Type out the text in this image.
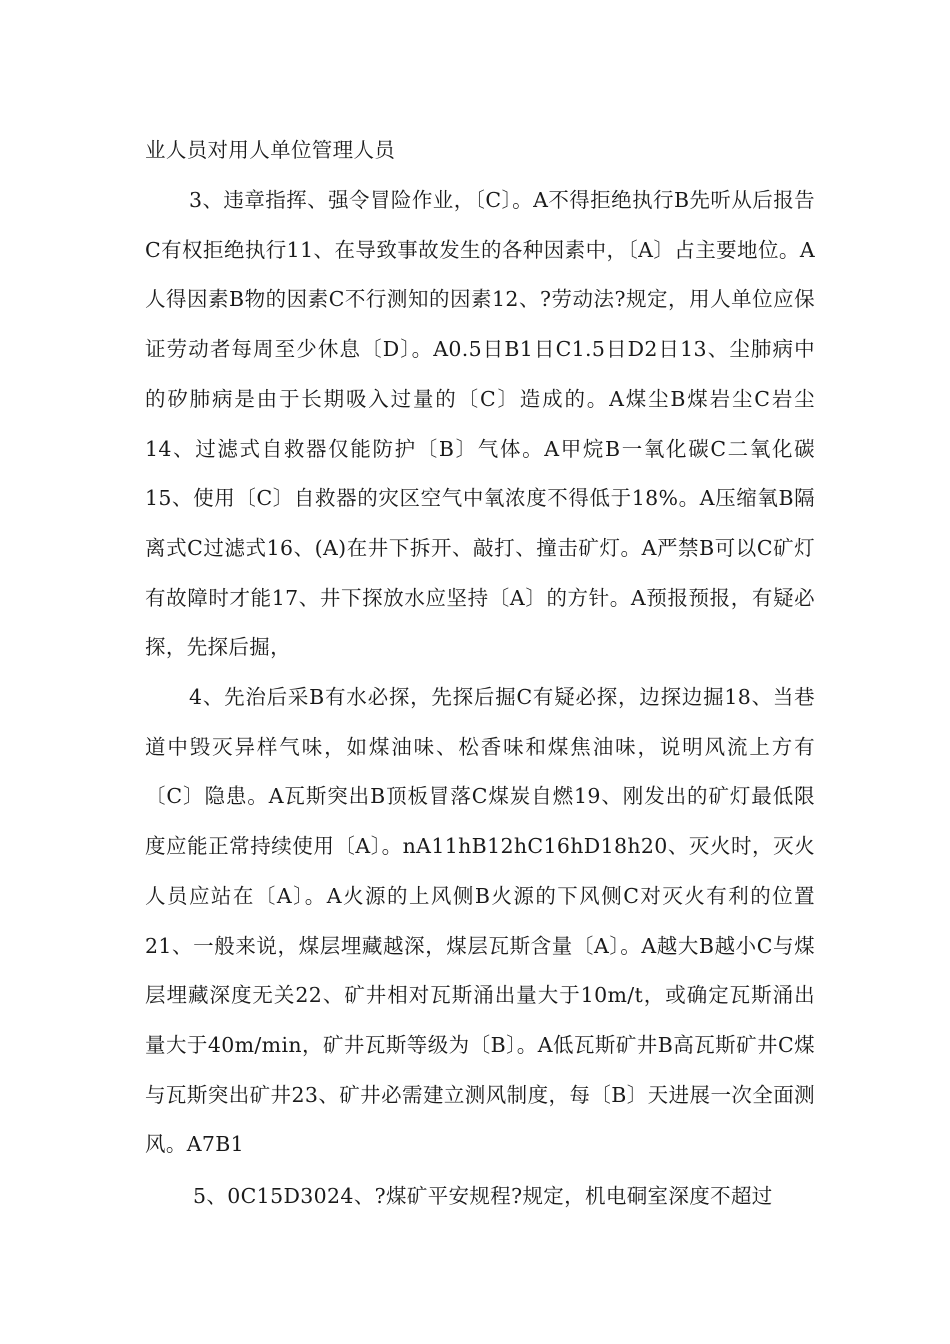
业人员对用人单位管理人员

3、违章指挥、强令冒险作业，〔C〕。A不得拒绝执行B先听从后报告C有权拒绝执行11、在导致事故发生的各种因素中，〔A〕占主要地位。A人得因素B物的因素C不行测知的因素12、?劳动法?规定，用人单位应保证劳动者每周至少休息〔D〕。A0.5日B1日C1.5日D2日13、尘肺病中的矽肺病是由于长期吸入过量的〔C〕造成的。A煤尘B煤岩尘C岩尘14、过滤式自救器仅能防护〔B〕气体。A甲烷B一氧化碳C二氧化碳15、使用〔C〕自救器的灾区空气中氧浓度不得低于18%。A压缩氧B隔离式C过滤式16、(A)在井下拆开、敲打、撞击矿灯。A严禁B可以C矿灯有故障时才能17、井下探放水应坚持〔A〕的方针。A预报预报，有疑必探，先探后掘，

4、先治后采B有水必探，先探后掘C有疑必探，边探边掘18、当巷道中毁灭异样气味，如煤油味、松香味和煤焦油味，说明风流上方有〔C〕隐患。A瓦斯突出B顶板冒落C煤炭自燃19、刚发出的矿灯最低限度应能正常持续使用〔A〕。nA11hB12hC16hD18h20、灭火时，灭火人员应站在〔A〕。A火源的上风侧B火源的下风侧C对灭火有利的位置21、一般来说，煤层埋藏越深，煤层瓦斯含量〔A〕。A越大B越小C与煤层埋藏深度无关22、矿井相对瓦斯涌出量大于10m/t，或确定瓦斯涌出量大于40m/min，矿井瓦斯等级为〔B〕。A低瓦斯矿井B高瓦斯矿井C煤与瓦斯突出矿井23、矿井必需建立测风制度，每〔B〕天进展一次全面测风。A7B1

5、0C15D3024、?煤矿平安规程?规定，机电硐室深度不超过
